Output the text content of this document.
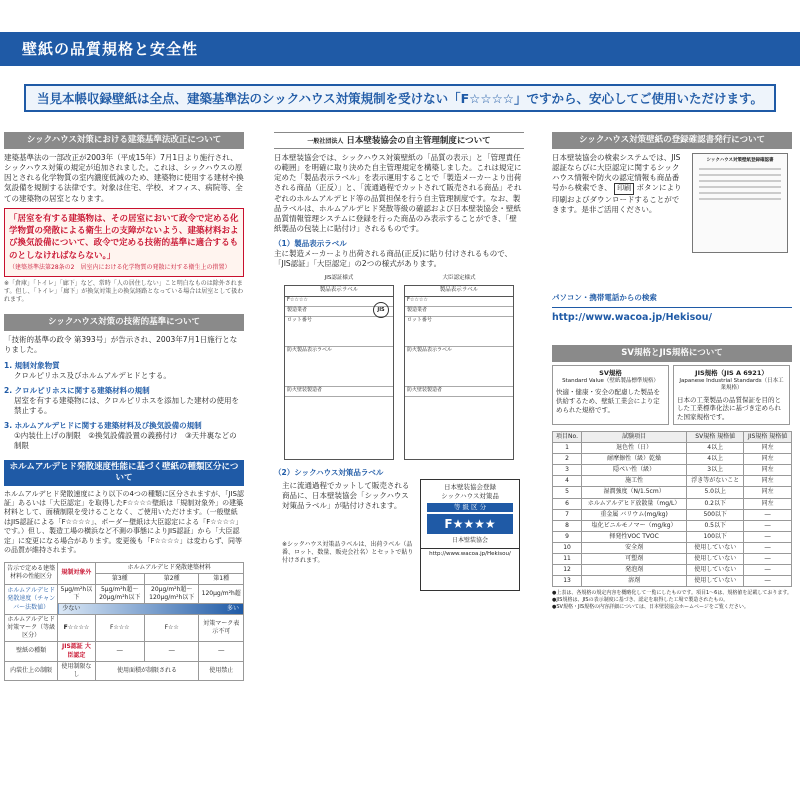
壁紙の品質規格と安全性
当見本帳収録壁紙は全点、建築基準法のシックハウス対策規制を受けない「F☆☆☆☆」ですから、安心してご使用いただけます。
シックハウス対策における建築基準法改正について
建築基準法の一部改正が2003年（平成15年）7月1日より施行され、シックハウス対策の規定が追加されました。これは、シックハウスの原因とされる化学物質の室内濃度低減のため、建築物に使用する建材や換気設備を規制する法律です。対象は住宅、学校、オフィス、病院等、全ての建築物の居室となります。
「居室を有する建築物は、その居室において政令で定める化学物質の発散による衛生上の支障がないよう、建築材料および換気設備について、政令で定める技術的基準に適合するものとしなければならない。」
（建築基準法第28条の2　居室内における化学物質の発散に対する衛生上の措置）
※「倉庫」「トイレ」「廊下」など、常時「人の居住しない」こと明白なものは除外されます。但し、「トイレ」「廊下」が換気対策上の換気経路となっている場合は居室として扱われます。
シックハウス対策の技術的基準について
「技術的基準の政令 第393号」が告示され、2003年7月1日施行となりました。
1. 規制対象物質
クロルピリホス及びホルムアルデヒドとする。
2. クロルピリホスに関する建築材料の規制
居室を有する建築物には、クロルピリホスを添加した建材の使用を禁止する。
3. ホルムアルデヒドに関する建築材料及び換気設備の規制
①内装仕上げの制限　②換気設備設置の義務付け　③天井裏などの制限
ホルムアルデヒド発散速度性能に基づく壁紙の種類区分について
ホルムアルデヒド発散速度により以下の4つの種類に区分されますが、「JIS認証」あるいは「大臣認定」を取得したF☆☆☆☆壁紙は「規制対象外」の建築材料として、面積制限を受けることなく、ご使用いただけます。（一般壁紙はJIS認証による「F☆☆☆☆」、ボーダー壁紙は大臣認定による「F☆☆☆☆」です。）但し、製造工場の横浜など不測の事態によりJIS認証」から「大臣認定」に変更になる場合があります。変更後も「F☆☆☆☆」は変わらず、同等の品質が維持されます。
告示で定める建築材料の性能区分	規制対象外	ホルムアルデヒド発散建築材料		
		第3種	第2種	第1種
ホルムアルデヒド発散速度（チャンバー法数値）	5μg/m²h以下	5μg/m²h超～20μg/m²h以下	20μg/m²h超～120μg/m²h以下	120μg/m²h超
	少ない 多い			

ホルムアルデヒド対策マーク（等級区分）	F☆☆☆☆	F☆☆☆	F☆☆	対策マーク表示不可
壁紙の種類	JIS認証 大臣認定	―	―	―
内装仕上の制限	使用制限なし	使用面積が制限される		使用禁止
一般社団法人 日本壁装協会の自主管理制度について
日本壁装協会では、シックハウス対策壁紙の「品質の表示」と「管理責任の範囲」を明確に取り決めた自主管理規定を構築しました。これは規定に定めた「製品表示ラベル」を表示運用することで「製造メーカーより出荷される商品（正反）」と、「流通過程でカットされて販売される商品」それぞれのホルムアルデヒド等の品質担保を行う自主管理制度です。なお、製品ラベルは、ホルムアルデヒド発散等級の確認および日本壁装協会・壁紙品質情報管理システムに登録を行った商品のみ表示することができ、「壁紙製品の包装上に貼付け」されるものです。
（1）製品表示ラベル
主に製造メーカーより出荷される商品(正反)に貼り付けされるもので、「JIS認証」「大臣認定」の2つの様式があります。
JIS認証様式
製品表示ラベル
JIS
F☆☆☆☆
製造業者
ロット番号
防火製品表示ラベル
防火壁装製造者
大臣認定様式
製品表示ラベル
F☆☆☆☆
製造業者
ロット番号
防火製品表示ラベル
防火壁装製造者
（2）シックハウス対策品ラベル
主に流通過程でカットして販売される商品に、日本壁装協会「シックハウス対策品ラベル」が貼付けされます。
※シックハウス対策品ラベルは、出荷ラベル（品番、ロット、数量、販売会社名）とセットで貼り付けされます。
日本壁装協会登録
シックハウス対策品
等 級 区 分
F★★★★
日本壁装協会
http://www.wacoa.jp/Hekisou/
シックハウス対策壁紙の登録確認書発行について
日本壁装協会の検索システムでは、JIS認証ならびに大臣認定に関するシックハウス情報や防火の認定情報も商品番号から検索でき、 印刷 ボタンにより印刷およびダウンロードすることができます。是非ご活用ください。
シックハウス対策壁紙登録確認書
パソコン・携帯電話からの検索
http://www.wacoa.jp/Hekisou/
SV規格とJIS規格について
SV規格
Standard Value（壁紙製品標準規格）
快適・健康・安全の配慮した製品を供給するため、壁紙工業会により定められた規格です。
JIS規格（JIS A 6921）
Japanese Industrial Standards（日本工業規格）
日本の工業製品の品質保証を目的とした工業標準化法に基づき定められた国家規格です。
項目No.	試験項目	SV規格 規格値	JIS規格 規格値
1	退色性（日）	4以上	同左
2	耐摩擦性（級）乾燥	4以上	同左
3	隠ぺい性（級）	3以上	同左
4	施工性	浮き等がないこと	同左
5	湿潤強度（N/1.5cm）	5.0以上	同左
6	ホルムアルデヒド放散量（mg/L）	0.2以下	同左
7	重金属 バリウム(mg/kg)	500以下	―
8	塩化ビニルモノマー（mg/kg）	0.5以下	―
9	揮発性VOC TVOC	100以下	―
10	安全剤	使用していない	―
11	可塑剤	使用していない	―
12	発泡剤	使用していない	―
13	溶剤	使用していない	―
●上表は、各規格の規定内容を概略化して一覧にしたものです。項目1～6は、規格値を記載しております。
●JIS規格は、JISの表示制度に基づき、認定を取得した工場で製造されたもの。
●SV規格・JIS規格の内容詳細については、日本壁装協会ホームページをご覧ください。
